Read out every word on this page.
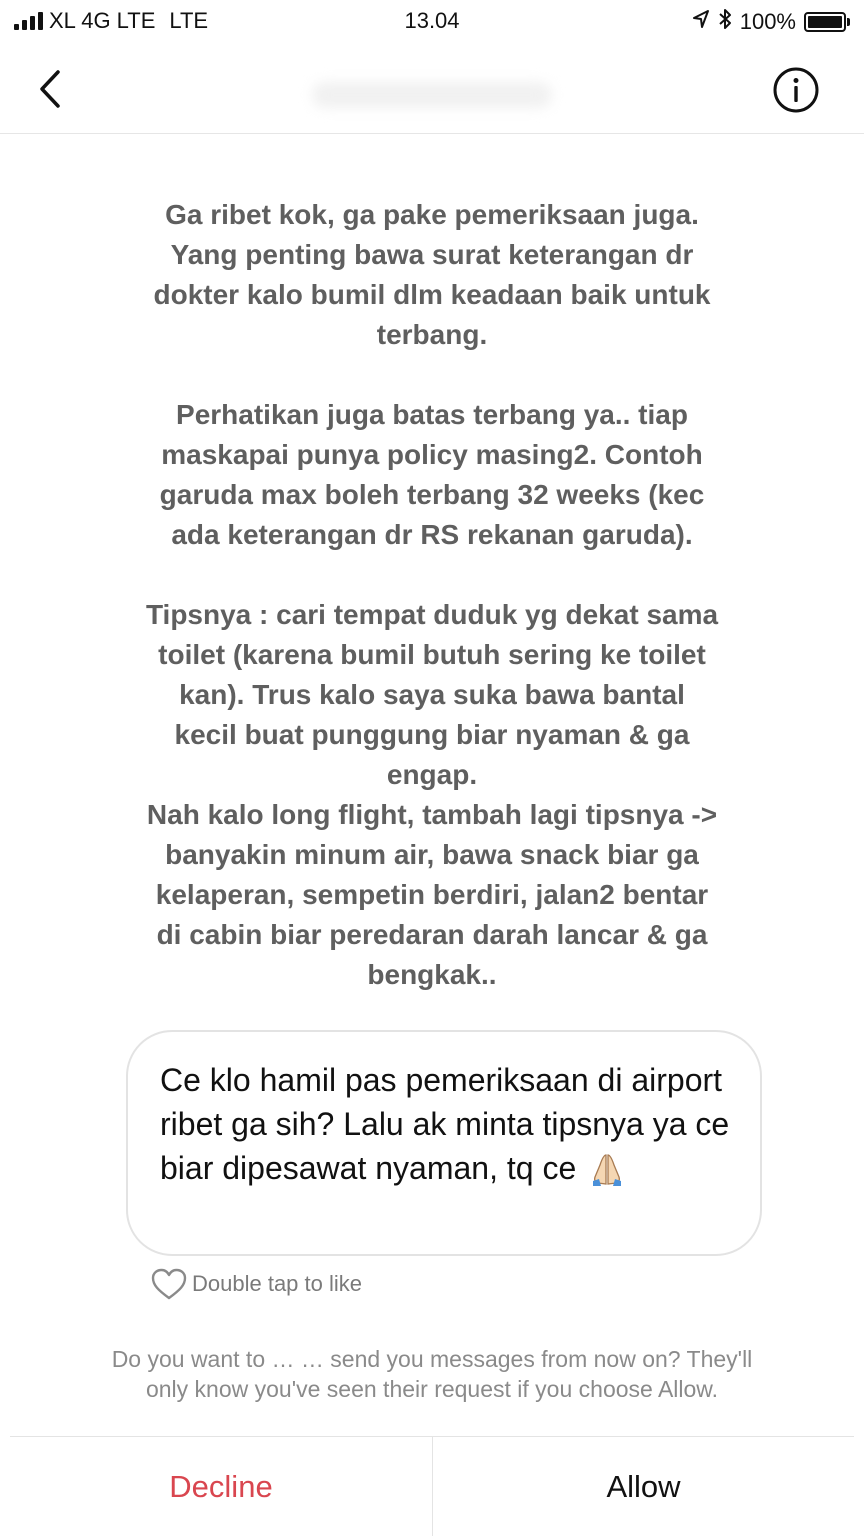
XL 4G LTE LTE	13.04	100%
Ga ribet kok, ga pake pemeriksaan juga.
Yang penting bawa surat keterangan dr
dokter kalo bumil dlm keadaan baik untuk
terbang.

Perhatikan juga batas terbang ya.. tiap
maskapai punya policy masing2. Contoh
garuda max boleh terbang 32 weeks (kec
ada keterangan dr RS rekanan garuda).

Tipsnya : cari tempat duduk yg dekat sama
toilet (karena bumil butuh sering ke toilet
kan). Trus kalo saya suka bawa bantal
kecil buat punggung biar nyaman & ga
engap.
Nah kalo long flight, tambah lagi tipsnya ->
banyakin minum air, bawa snack biar ga
kelaperan, sempetin berdiri, jalan2 bentar
di cabin biar peredaran darah lancar & ga
bengkak..
Ce klo hamil pas pemeriksaan di airport ribet ga sih? Lalu ak minta tipsnya ya ce biar dipesawat nyaman, tq ce
Double tap to like
Do you want to … … send you messages from now on? They'll
only know you've seen their request if you choose Allow.
Decline	Allow
